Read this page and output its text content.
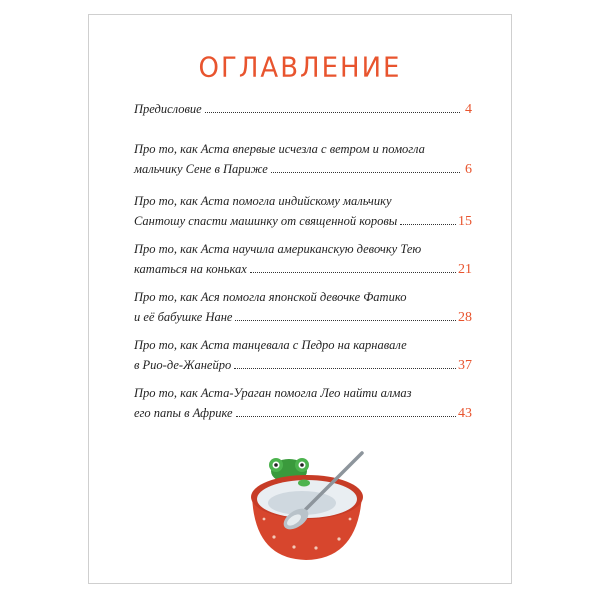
ОГЛАВЛЕНИЕ
Предисловие	4
Про то, как Аста впервые исчезла с ветром и помогла
мальчику Сене в Париже	6
Про то, как Аста помогла индийскому мальчику
Сантошу спасти машинку от священной коровы	15
Про то, как Аста научила американскую девочку Тею
кататься на коньках	21
Про то, как Ася помогла японской девочке Фатико
и её бабушке Нане	28
Про то, как Аста танцевала с Педро на карнавале
в Рио-де-Жанейро	37
Про то, как Аста-Ураган помогла Лео найти алмаз
его папы в Африке	43
